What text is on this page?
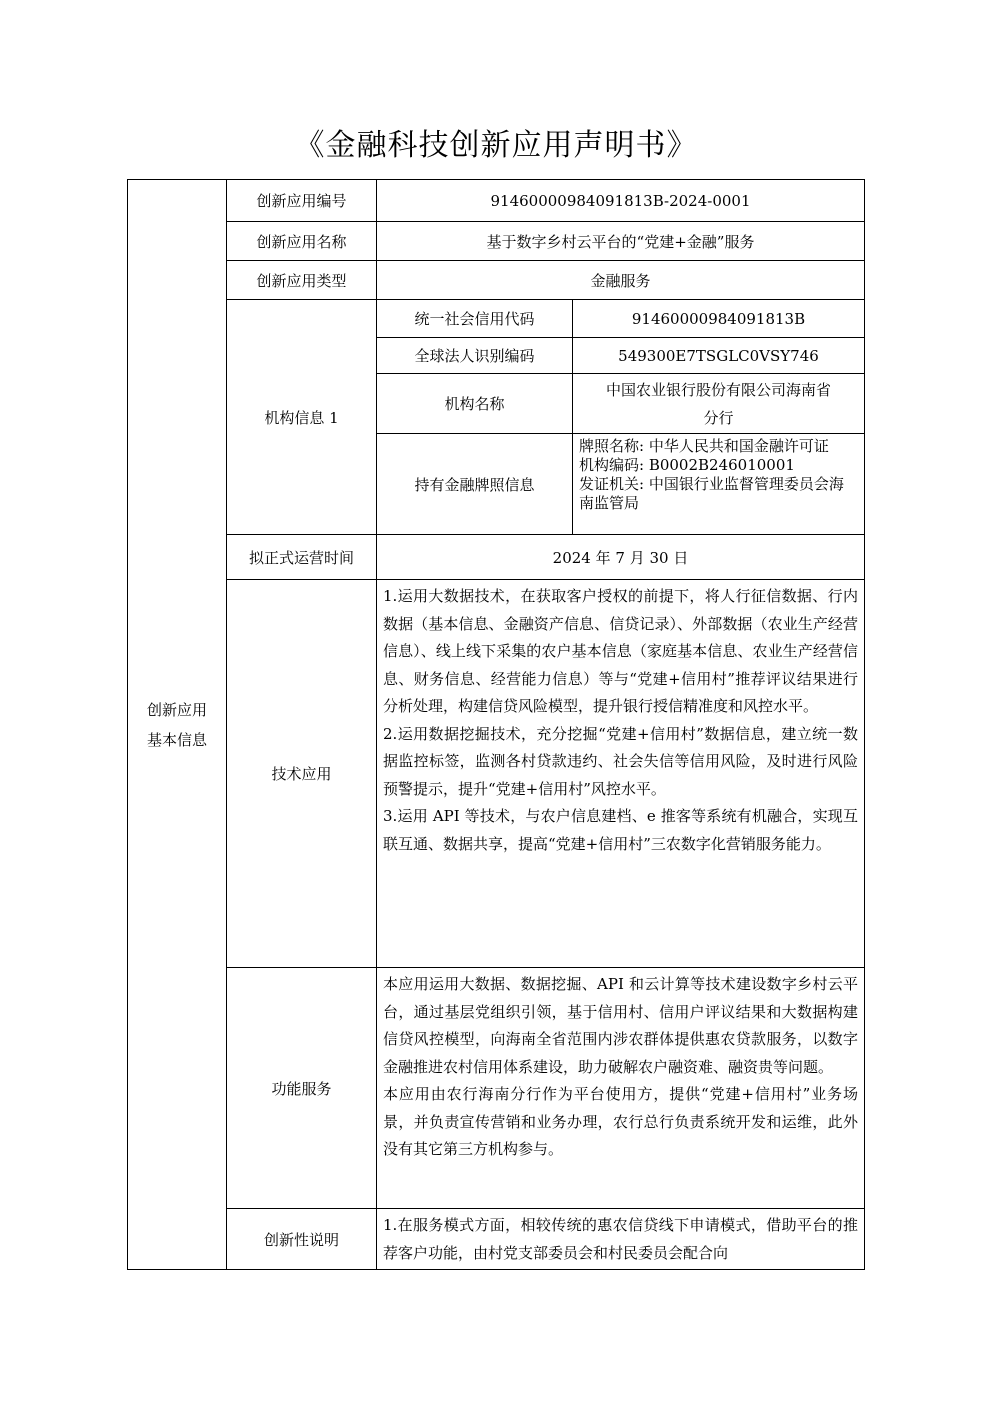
《金融科技创新应用声明书》
创新应用
基本信息	创新应用编号	91460000984091813B-2024-0001	
	创新应用名称	基于数字乡村云平台的“党建+金融”服务	
	创新应用类型	金融服务	
	机构信息 1	统一社会信用代码	91460000984091813B
		全球法人识别编码	549300E7TSGLC0VSY746
		机构名称	中国农业银行股份有限公司海南省
分行

		持有金融牌照信息	牌照名称: 中华人民共和国金融许可证

机构编码: B0002B246010001

发证机关: 中国银行业监督管理委员会海南监管局

	拟正式运营时间	2024 年 7 月 30 日	
	技术应用	1.运用大数据技术，在获取客户授权的前提下，将人行征信数据、行内数据（基本信息、金融资产信息、信贷记录）、外部数据（农业生产经营信息）、线上线下采集的农户基本信息（家庭基本信息、农业生产经营信息、财务信息、经营能力信息）等与“党建+信用村”推荐评议结果进行分析处理，构建信贷风险模型，提升银行授信精准度和风控水平。

2.运用数据挖掘技术，充分挖掘“党建+信用村”数据信息，建立统一数据监控标签，监测各村贷款违约、社会失信等信用风险，及时进行风险预警提示，提升“党建+信用村”风控水平。

3.运用 API 等技术，与农户信息建档、e 推客等系统有机融合，实现互联互通、数据共享，提高“党建+信用村”三农数字化营销服务能力。	

	功能服务	本应用运用大数据、数据挖掘、API 和云计算等技术建设数字乡村云平台，通过基层党组织引领，基于信用村、信用户评议结果和大数据构建信贷风控模型，向海南全省范围内涉农群体提供惠农贷款服务，以数字金融推进农村信用体系建设，助力破解农户融资难、融资贵等问题。

本应用由农行海南分行作为平台使用方，提供“党建+信用村”业务场景，并负责宣传营销和业务办理，农行总行负责系统开发和运维，此外没有其它第三方机构参与。	

	创新性说明	1.在服务模式方面，相较传统的惠农信贷线下申请模式，借助平台的推荐客户功能，由村党支部委员会和村民委员会配合向	
